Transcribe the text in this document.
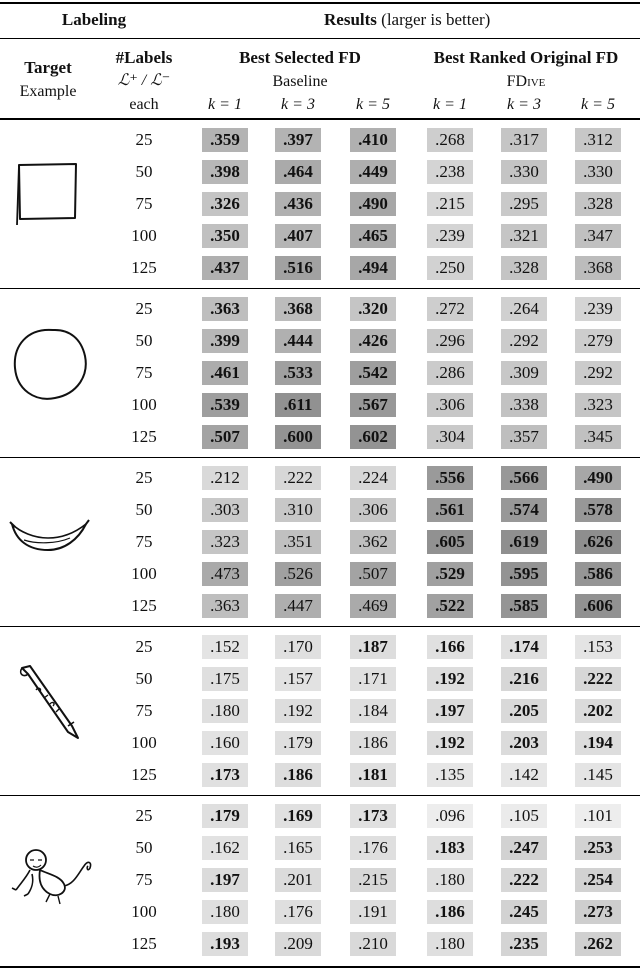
Labeling	Results (larger is better)
Target
Example
#Labels
ℒ⁺ / ℒ⁻
each
Best Selected FD
Baseline
Best Ranked Original FD
FDive
k = 1 k = 3	k = 5	k = 1	k = 3	k = 5
25	.359	.397	.410	.268	.317	.312
50	.398	.464	.449	.238	.330	.330
75	.326	.436	.490	.215	.295	.328
100	.350	.407	.465	.239	.321	.347
125	.437	.516	.494	.250	.328	.368
25	.363	.368	.320	.272	.264	.239
50	.399	.444	.426	.296	.292	.279
75	.461	.533	.542	.286	.309	.292
100	.539	.611	.567	.306	.338	.323
125	.507	.600	.602	.304	.357	.345
25	.212	.222	.224	.556	.566	.490
50	.303	.310	.306	.561	.574	.578
75	.323	.351	.362	.605	.619	.626
100	.473	.526	.507	.529	.595	.586
125	.363	.447	.469	.522	.585	.606
25	.152	.170	.187	.166	.174	.153
50	.175	.157	.171	.192	.216	.222
75	.180	.192	.184	.197	.205	.202
100	.160	.179	.186	.192	.203	.194
125	.173	.186	.181	.135	.142	.145
25	.179	.169	.173	.096	.105	.101
50	.162	.165	.176	.183	.247	.253
75	.197	.201	.215	.180	.222	.254
100	.180	.176	.191	.186	.245	.273
125	.193	.209	.210	.180	.235	.262
